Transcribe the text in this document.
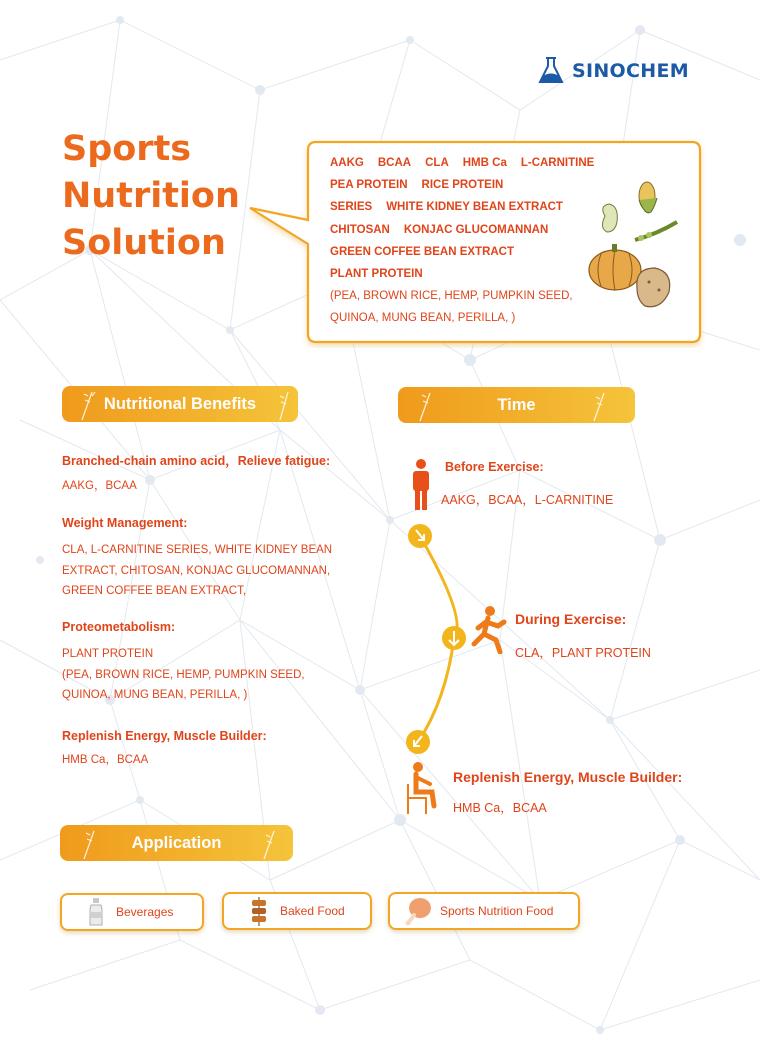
SINOCHEM
Sports
Nutrition
Solution
AAKG BCAA CLA HMB Ca L-CARNITINE
PEA PROTEIN RICE PROTEIN
SERIES WHITE KIDNEY BEAN EXTRACT
CHITOSAN KONJAC GLUCOMANNAN
GREEN COFFEE BEAN EXTRACT
PLANT PROTEIN
(PEA, BROWN RICE, HEMP, PUMPKIN SEED,
QUINOA, MUNG BEAN, PERILLA, )
Nutritional Benefits	Time
Application
Branched-chain amino acid，Relieve fatigue:
AAKG，BCAA
Weight Management:
CLA, L-CARNITINE SERIES, WHITE KIDNEY BEAN
EXTRACT, CHITOSAN, KONJAC GLUCOMANNAN,
GREEN COFFEE BEAN EXTRACT,
Proteometabolism:
PLANT PROTEIN
(PEA, BROWN RICE, HEMP, PUMPKIN SEED,
QUINOA, MUNG BEAN, PERILLA, )
Replenish Energy, Muscle Builder:
HMB Ca，BCAA
Before Exercise:
AAKG，BCAA，L-CARNITINE
During Exercise:
CLA，PLANT PROTEIN
Replenish Energy, Muscle Builder:
HMB Ca，BCAA
Beverages	Baked Food	Sports Nutrition Food
